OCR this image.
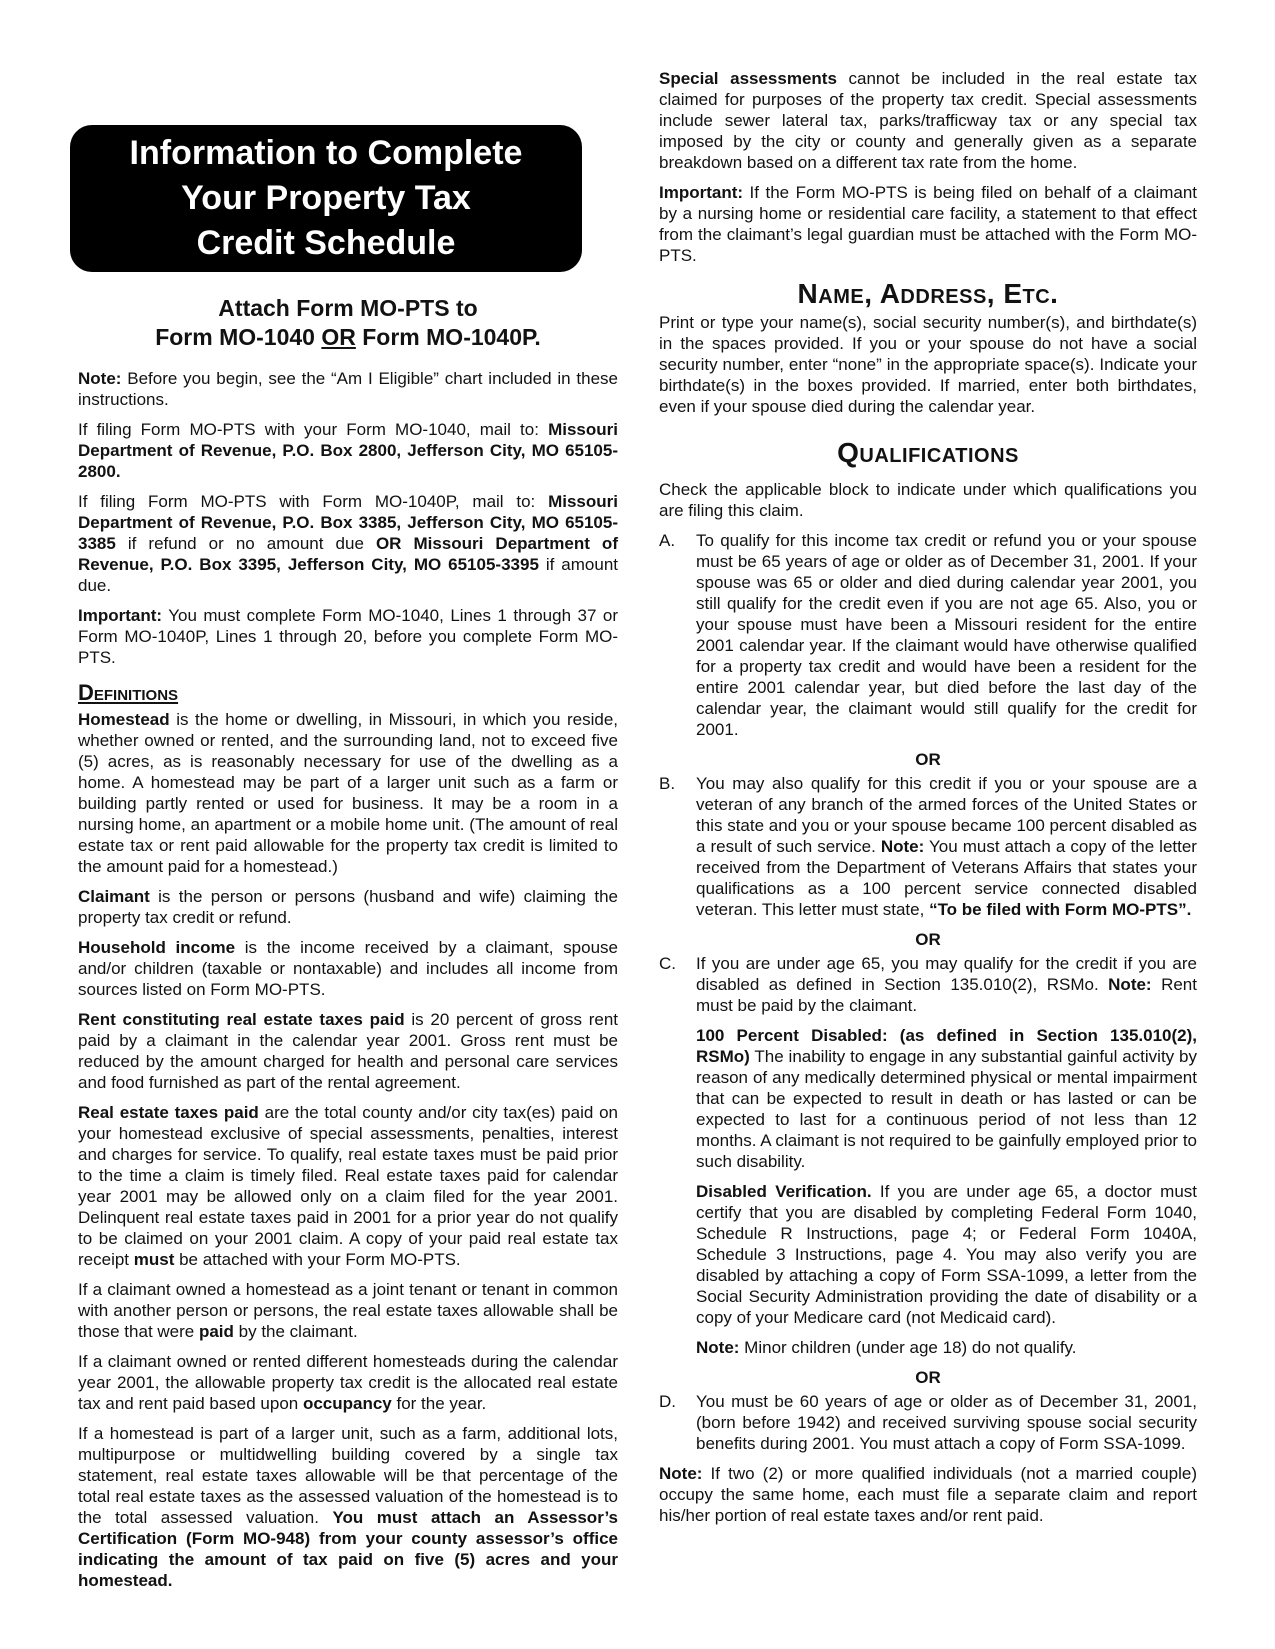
Information to Complete
Your Property Tax
Credit Schedule
Attach Form MO-PTS to
Form MO-1040 OR Form MO-1040P.

Note: Before you begin, see the “Am I Eligible” chart included in these instructions.

If filing Form MO-PTS with your Form MO-1040, mail to: Missouri Department of Revenue, P.O. Box 2800, Jefferson City, MO 65105-2800.

If filing Form MO-PTS with Form MO-1040P, mail to: Missouri Department of Revenue, P.O. Box 3385, Jefferson City, MO 65105-3385 if refund or no amount due OR Missouri Department of Revenue, P.O. Box 3395, Jefferson City, MO 65105-3395 if amount due.

Important: You must complete Form MO-1040, Lines 1 through 37 or Form MO-1040P, Lines 1 through 20, before you complete Form MO-PTS.

Definitions

Homestead is the home or dwelling, in Missouri, in which you reside, whether owned or rented, and the surrounding land, not to exceed five (5) acres, as is reasonably necessary for use of the dwelling as a home. A homestead may be part of a larger unit such as a farm or building partly rented or used for business. It may be a room in a nursing home, an apartment or a mobile home unit. (The amount of real estate tax or rent paid allowable for the property tax credit is limited to the amount paid for a homestead.)

Claimant is the person or persons (husband and wife) claiming the property tax credit or refund.

Household income is the income received by a claimant, spouse and/or children (taxable or nontaxable) and includes all income from sources listed on Form MO-PTS.

Rent constituting real estate taxes paid is 20 percent of gross rent paid by a claimant in the calendar year 2001. Gross rent must be reduced by the amount charged for health and personal care services and food furnished as part of the rental agreement.

Real estate taxes paid are the total county and/or city tax(es) paid on your homestead exclusive of special assessments, penalties, interest and charges for service. To qualify, real estate taxes must be paid prior to the time a claim is timely filed. Real estate taxes paid for calendar year 2001 may be allowed only on a claim filed for the year 2001. Delinquent real estate taxes paid in 2001 for a prior year do not qualify to be claimed on your 2001 claim. A copy of your paid real estate tax receipt must be attached with your Form MO-PTS.

If a claimant owned a homestead as a joint tenant or tenant in common with another person or persons, the real estate taxes allowable shall be those that were paid by the claimant.

If a claimant owned or rented different homesteads during the calendar year 2001, the allowable property tax credit is the allocated real estate tax and rent paid based upon occupancy for the year.

If a homestead is part of a larger unit, such as a farm, additional lots, multipurpose or multidwelling building covered by a single tax statement, real estate taxes allowable will be that percentage of the total real estate taxes as the assessed valuation of the homestead is to the total assessed valuation. You must attach an Assessor’s Certification (Form MO-948) from your county assessor’s office indicating the amount of tax paid on five (5) acres and your homestead.

Special assessments cannot be included in the real estate tax claimed for purposes of the property tax credit. Special assessments include sewer lateral tax, parks/trafficway tax or any special tax imposed by the city or county and generally given as a separate breakdown based on a different tax rate from the home.

Important: If the Form MO-PTS is being filed on behalf of a claimant by a nursing home or residential care facility, a statement to that effect from the claimant’s legal guardian must be attached with the Form MO-PTS.

Name, Address, Etc.

Print or type your name(s), social security number(s), and birthdate(s) in the spaces provided. If you or your spouse do not have a social security number, enter “none” in the appropriate space(s). Indicate your birthdate(s) in the boxes provided. If married, enter both birthdates, even if your spouse died during the calendar year.

Qualifications

Check the applicable block to indicate under which qualifications you are filing this claim.

A.	To qualify for this income tax credit or refund you or your spouse must be 65 years of age or older as of December 31, 2001. If your spouse was 65 or older and died during calendar year 2001, you still qualify for the credit even if you are not age 65. Also, you or your spouse must have been a Missouri resident for the entire 2001 calendar year. If the claimant would have otherwise qualified for a property tax credit and would have been a resident for the entire 2001 calendar year, but died before the last day of the calendar year, the claimant would still qualify for the credit for 2001.
OR
B.	You may also qualify for this credit if you or your spouse are a veteran of any branch of the armed forces of the United States or this state and you or your spouse became 100 percent disabled as a result of such service. Note: You must attach a copy of the letter received from the Department of Veterans Affairs that states your qualifications as a 100 percent service connected disabled veteran. This letter must state, “To be filed with Form MO-PTS”.
OR
C.	If you are under age 65, you may qualify for the credit if you are disabled as defined in Section 135.010(2), RSMo. Note: Rent must be paid by the claimant.

100 Percent Disabled: (as defined in Section 135.010(2), RSMo) The inability to engage in any substantial gainful activity by reason of any medically determined physical or mental impairment that can be expected to result in death or has lasted or can be expected to last for a continuous period of not less than 12 months. A claimant is not required to be gainfully employed prior to such disability.

Disabled Verification. If you are under age 65, a doctor must certify that you are disabled by completing Federal Form 1040, Schedule R Instructions, page 4; or Federal Form 1040A, Schedule 3 Instructions, page 4. You may also verify you are disabled by attaching a copy of Form SSA-1099, a letter from the Social Security Administration providing the date of disability or a copy of your Medicare card (not Medicaid card).

Note: Minor children (under age 18) do not qualify.

OR
D.	You must be 60 years of age or older as of December 31, 2001, (born before 1942) and received surviving spouse social security benefits during 2001. You must attach a copy of Form SSA-1099.

Note: If two (2) or more qualified individuals (not a married couple) occupy the same home, each must file a separate claim and report his/her portion of real estate taxes and/or rent paid.
